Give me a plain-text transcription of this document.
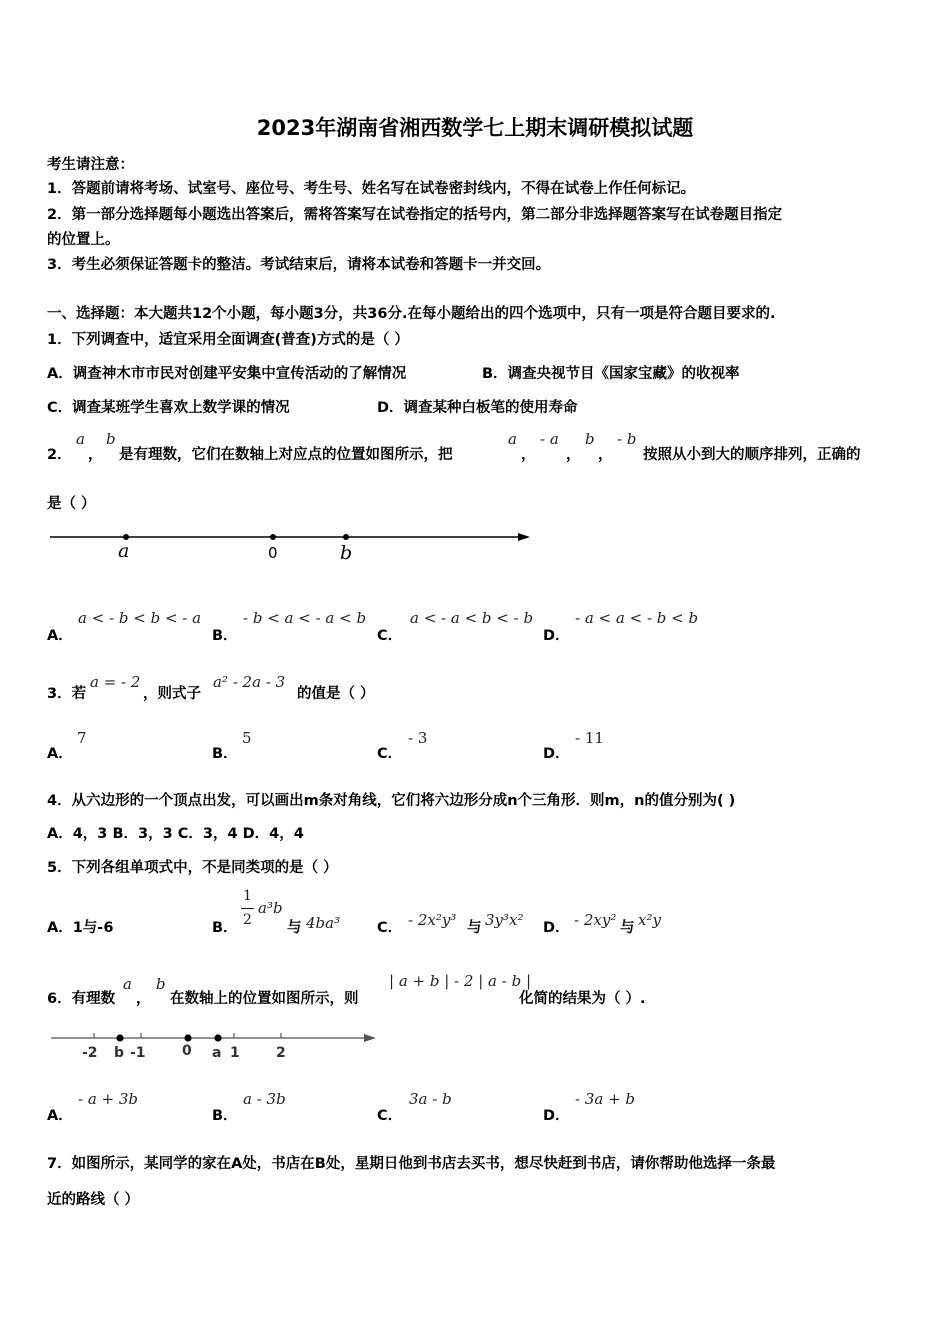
2023年湖南省湘西数学七上期末调研模拟试题
考生请注意：
1．答题前请将考场、试室号、座位号、考生号、姓名写在试卷密封线内，不得在试卷上作任何标记。
2．第一部分选择题每小题选出答案后，需将答案写在试卷指定的括号内，第二部分非选择题答案写在试卷题目指定
的位置上。
3．考生必须保证答题卡的整洁。考试结束后，请将本试卷和答题卡一并交回。
一、选择题：本大题共12个小题，每小题3分，共36分.在每小题给出的四个选项中，只有一项是符合题目要求的.
1．下列调查中，适宜采用全面调查(普查)方式的是（ ）
A．调查神木市市民对创建平安集中宣传活动的了解情况	B．调查央视节目《国家宝藏》的收视率
C．调查某班学生喜欢上数学课的情况	D．调查某种白板笔的使用寿命
2．
a
，
b
是有理数，它们在数轴上对应点的位置如图所示，把
a
，
- a
，
b
，
- b
按照从小到大的顺序排列，正确的
是（ ）
a	0	b
A．
a < - b < b < - a
B．
- b < a < - a < b
C．
a < - a < b < - b
D．
- a < a < - b < b
3．若
a = - 2
，则式子
a² - 2a - 3
的值是（ ）
A．
7
B．
5
C．
- 3
D．
- 11
4．从六边形的一个顶点出发，可以画出m条对角线，它们将六边形分成n个三角形．则m，n的值分别为( )
A．4，3 B．3，3 C．3，4 D．4，4
5．下列各组单项式中，不是同类项的是（ ）
A．1与-6	B．
1
2
a³b
与 4ba³	C． - 2x²y³ 与 3y³x² D． - 2xy² 与 x²y
6．有理数
a
，
b
在数轴上的位置如图所示，则
| a + b | - 2 | a - b |
化简的结果为（ ）.
-2 b -1	0 a 1	2
A．
- a + 3b
B．
a - 3b
C．
3a - b
D．
- 3a + b
7．如图所示，某同学的家在A处，书店在B处，星期日他到书店去买书，想尽快赶到书店，请你帮助他选择一条最
近的路线（ ）
